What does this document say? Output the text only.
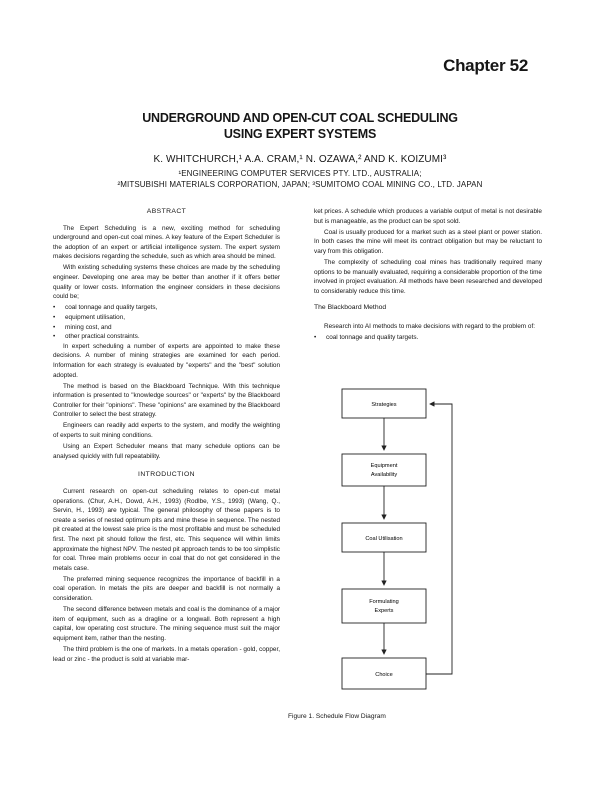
Chapter 52
UNDERGROUND AND OPEN-CUT COAL SCHEDULING
USING EXPERT SYSTEMS
K. WHITCHURCH,¹ A.A. CRAM,¹ N. OZAWA,² AND K. KOIZUMI³
¹ENGINEERING COMPUTER SERVICES PTY. LTD., AUSTRALIA;
²MITSUBISHI MATERIALS CORPORATION, JAPAN; ³SUMITOMO COAL MINING CO., LTD. JAPAN
ABSTRACT

The Expert Scheduling is a new, exciting method for scheduling underground and open-cut coal mines. A key feature of the Expert Scheduler is the adoption of an expert or artificial intelligence system. The expert system makes decisions regarding the schedule, such as which area should be mined.

With existing scheduling systems these choices are made by the scheduling engineer. Developing one area may be better than another if it offers better quality or lower costs. Information the engineer considers in these decisions could be;

• coal tonnage and quality targets,
• equipment utilisation,
• mining cost, and
• other practical constraints.

In expert scheduling a number of experts are appointed to make these decisions. A number of mining strategies are examined for each period. Information for each strategy is evaluated by "experts" and the "best" solution adopted.

The method is based on the Blackboard Technique. With this technique information is presented to "knowledge sources" or "experts" by the Blackboard Controller for their "opinions". These "opinions" are examined by the Blackboard Controller to select the best strategy.

Engineers can readily add experts to the system, and modify the weighting of experts to suit mining conditions.

Using an Expert Scheduler means that many schedule options can be analysed quickly with full repeatability.

INTRODUCTION

Current research on open-cut scheduling relates to open-cut metal operations. (Chur, A.H., Dowd, A.H., 1993) (Rodlbe, Y.S., 1993) (Wang, Q., Servin, H., 1993) are typical. The general philosophy of these papers is to create a series of nested optimum pits and mine these in sequence. The nested pit created at the lowest sale price is the most profitable and must be scheduled first. The next pit should follow the first, etc. This sequence will within limits approximate the highest NPV. The nested pit approach tends to be too simplistic for coal. Three main problems occur in coal that do not get considered in the metals case.

The preferred mining sequence recognizes the importance of backfill in a coal operation. In metals the pits are deeper and backfill is not normally a consideration.

The second difference between metals and coal is the dominance of a major item of equipment, such as a dragline or a longwall. Both represent a high capital, low operating cost structure. The mining sequence must suit the major equipment item, rather than the nesting.

The third problem is the one of markets. In a metals operation - gold, copper, lead or zinc - the product is sold at variable mar-

ket prices. A schedule which produces a variable output of metal is not desirable but is manageable, as the product can be spot sold.

Coal is usually produced for a market such as a steel plant or power station. In both cases the mine will meet its contract obligation but may be reluctant to vary from this obligation.

The complexity of scheduling coal mines has traditionally required many options to be manually evaluated, requiring a considerable proportion of the time involved in project evaluation. All methods have been researched and developed to considerably reduce this time.

The Blackboard Method

Research into AI methods to make decisions with regard to the problem of:

• coal tonnage and quality targets.
Strategies
Equipment Availability
Coal Utilisation
Formulating Experts
Choice
Figure 1. Schedule Flow Diagram
